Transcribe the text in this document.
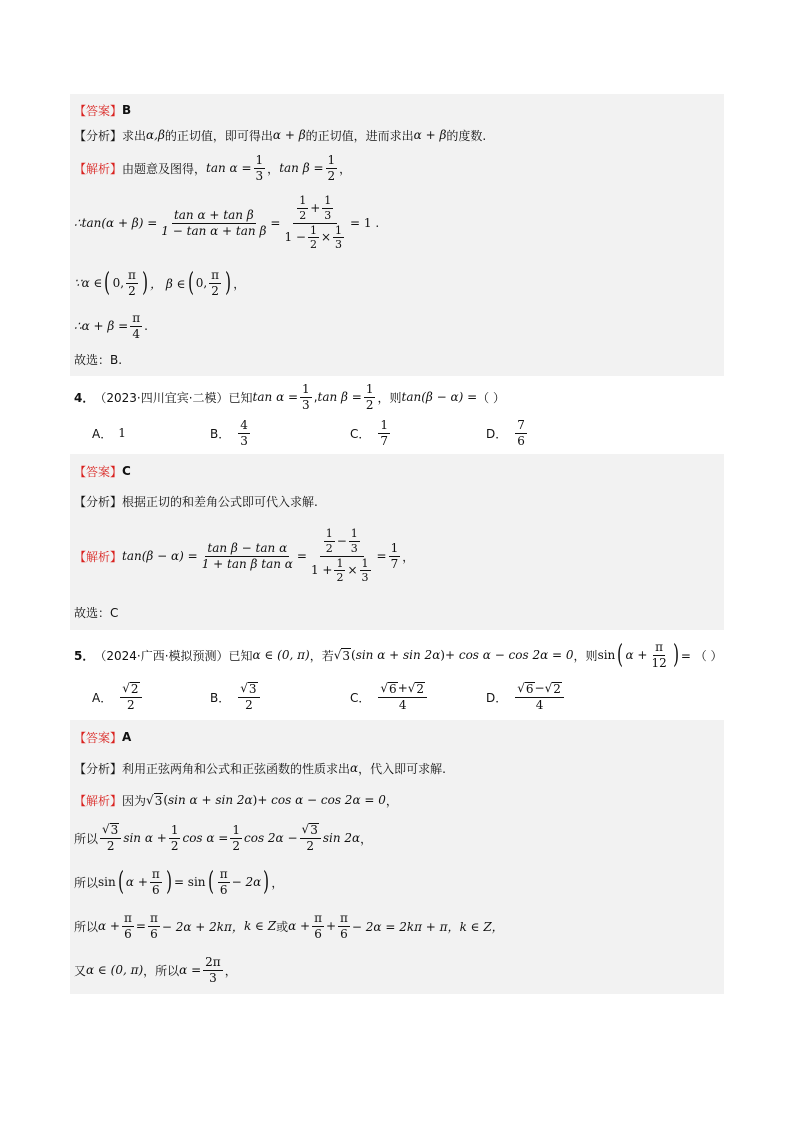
【答案】 B
【分析】 求出 α,β 的正切值，即可得出 α + β 的正切值，进而求出 α + β 的度数.
【解析】 由题意及图得， $\tan \alpha = \frac{1}{3}$ ， $\tan \beta = \frac{1}{2}$ ，
∴tan(α + $\beta) = \frac{\text{tan α + tan β}}{\text{1 − tan α + tan β}} = \frac{\frac{1}{2} + \frac{1}{3}}{1 - \frac{1}{2} \times \frac{1}{3}} = 1$ .
∵α ∈ ( 0, $\frac{\pi}{2}$ ) ， β ∈ ( 0, $\frac{\pi}{2}$ ) ，
∴α + $\beta = \frac{\pi}{4}$ .
故选：B.
4． （2023·四川宜宾·二模） 已知 $\tan \alpha = \frac{1}{3}$ , $\tan \beta = \frac{1}{2}$ ，则 tan(β − α) = （ ）
A． 1	B． $\frac{4}{3}$	C． $\frac{1}{7}$	D． $\frac{7}{6}$
【答案】 C
【分析】 根据正切的和差角公式即可代入求解.
【解析】 $\tan(\beta - \alpha) = \frac{\text{tan β − tan α}}{\text{1 + tan β tan α}} = \frac{\frac{1}{2} - \frac{1}{3}}{1 + \frac{1}{2} \times \frac{1}{3}} = \frac{1}{7}$ ，
故选：C
5． （2024·广西·模拟预测） 已知 α ∈ (0, π) ，若 √ 3 ( sin α + sin 2α ) + cos α − cos 2α = 0 ，则 sin ( $\alpha + \frac{\pi}{12}$ ) = （ ）
A． $\frac{√ 2}{2}$	B． $\frac{√ 3}{2}$	C． $\frac{√ 6 + √ 2}{4}$	D． $\frac{√ 6 - √ 2}{4}$
【答案】 A
【分析】 利用正弦两角和公式和正弦函数的性质求出 α ，代入即可求解.
【解析】 因为 √ 3 ( sin α + sin 2α ) + cos α − cos 2α = 0 ，
所以 $\frac{√ 3}{2}$ $\sin \alpha + \frac{1}{2}$ $\cos \alpha = \frac{1}{2}$ $\cos 2\alpha - \frac{√ 3}{2}$ sin 2α ，
所以 sin ( $\alpha + \frac{\pi}{6}$ ) = sin ( $\frac{\pi}{6} - 2\alpha$ ) ，
所以 $\alpha + \frac{\pi}{6} = \frac{\pi}{6} - 2\alpha + 2k\pi$， k ∈ Z 或 $\alpha + \frac{\pi}{6} + \frac{\pi}{6} - 2\alpha = 2k\pi + \pi$， k ∈ Z，
又 α ∈ (0, π) ，所以 $\alpha = \frac{2\pi}{3}$ ，
